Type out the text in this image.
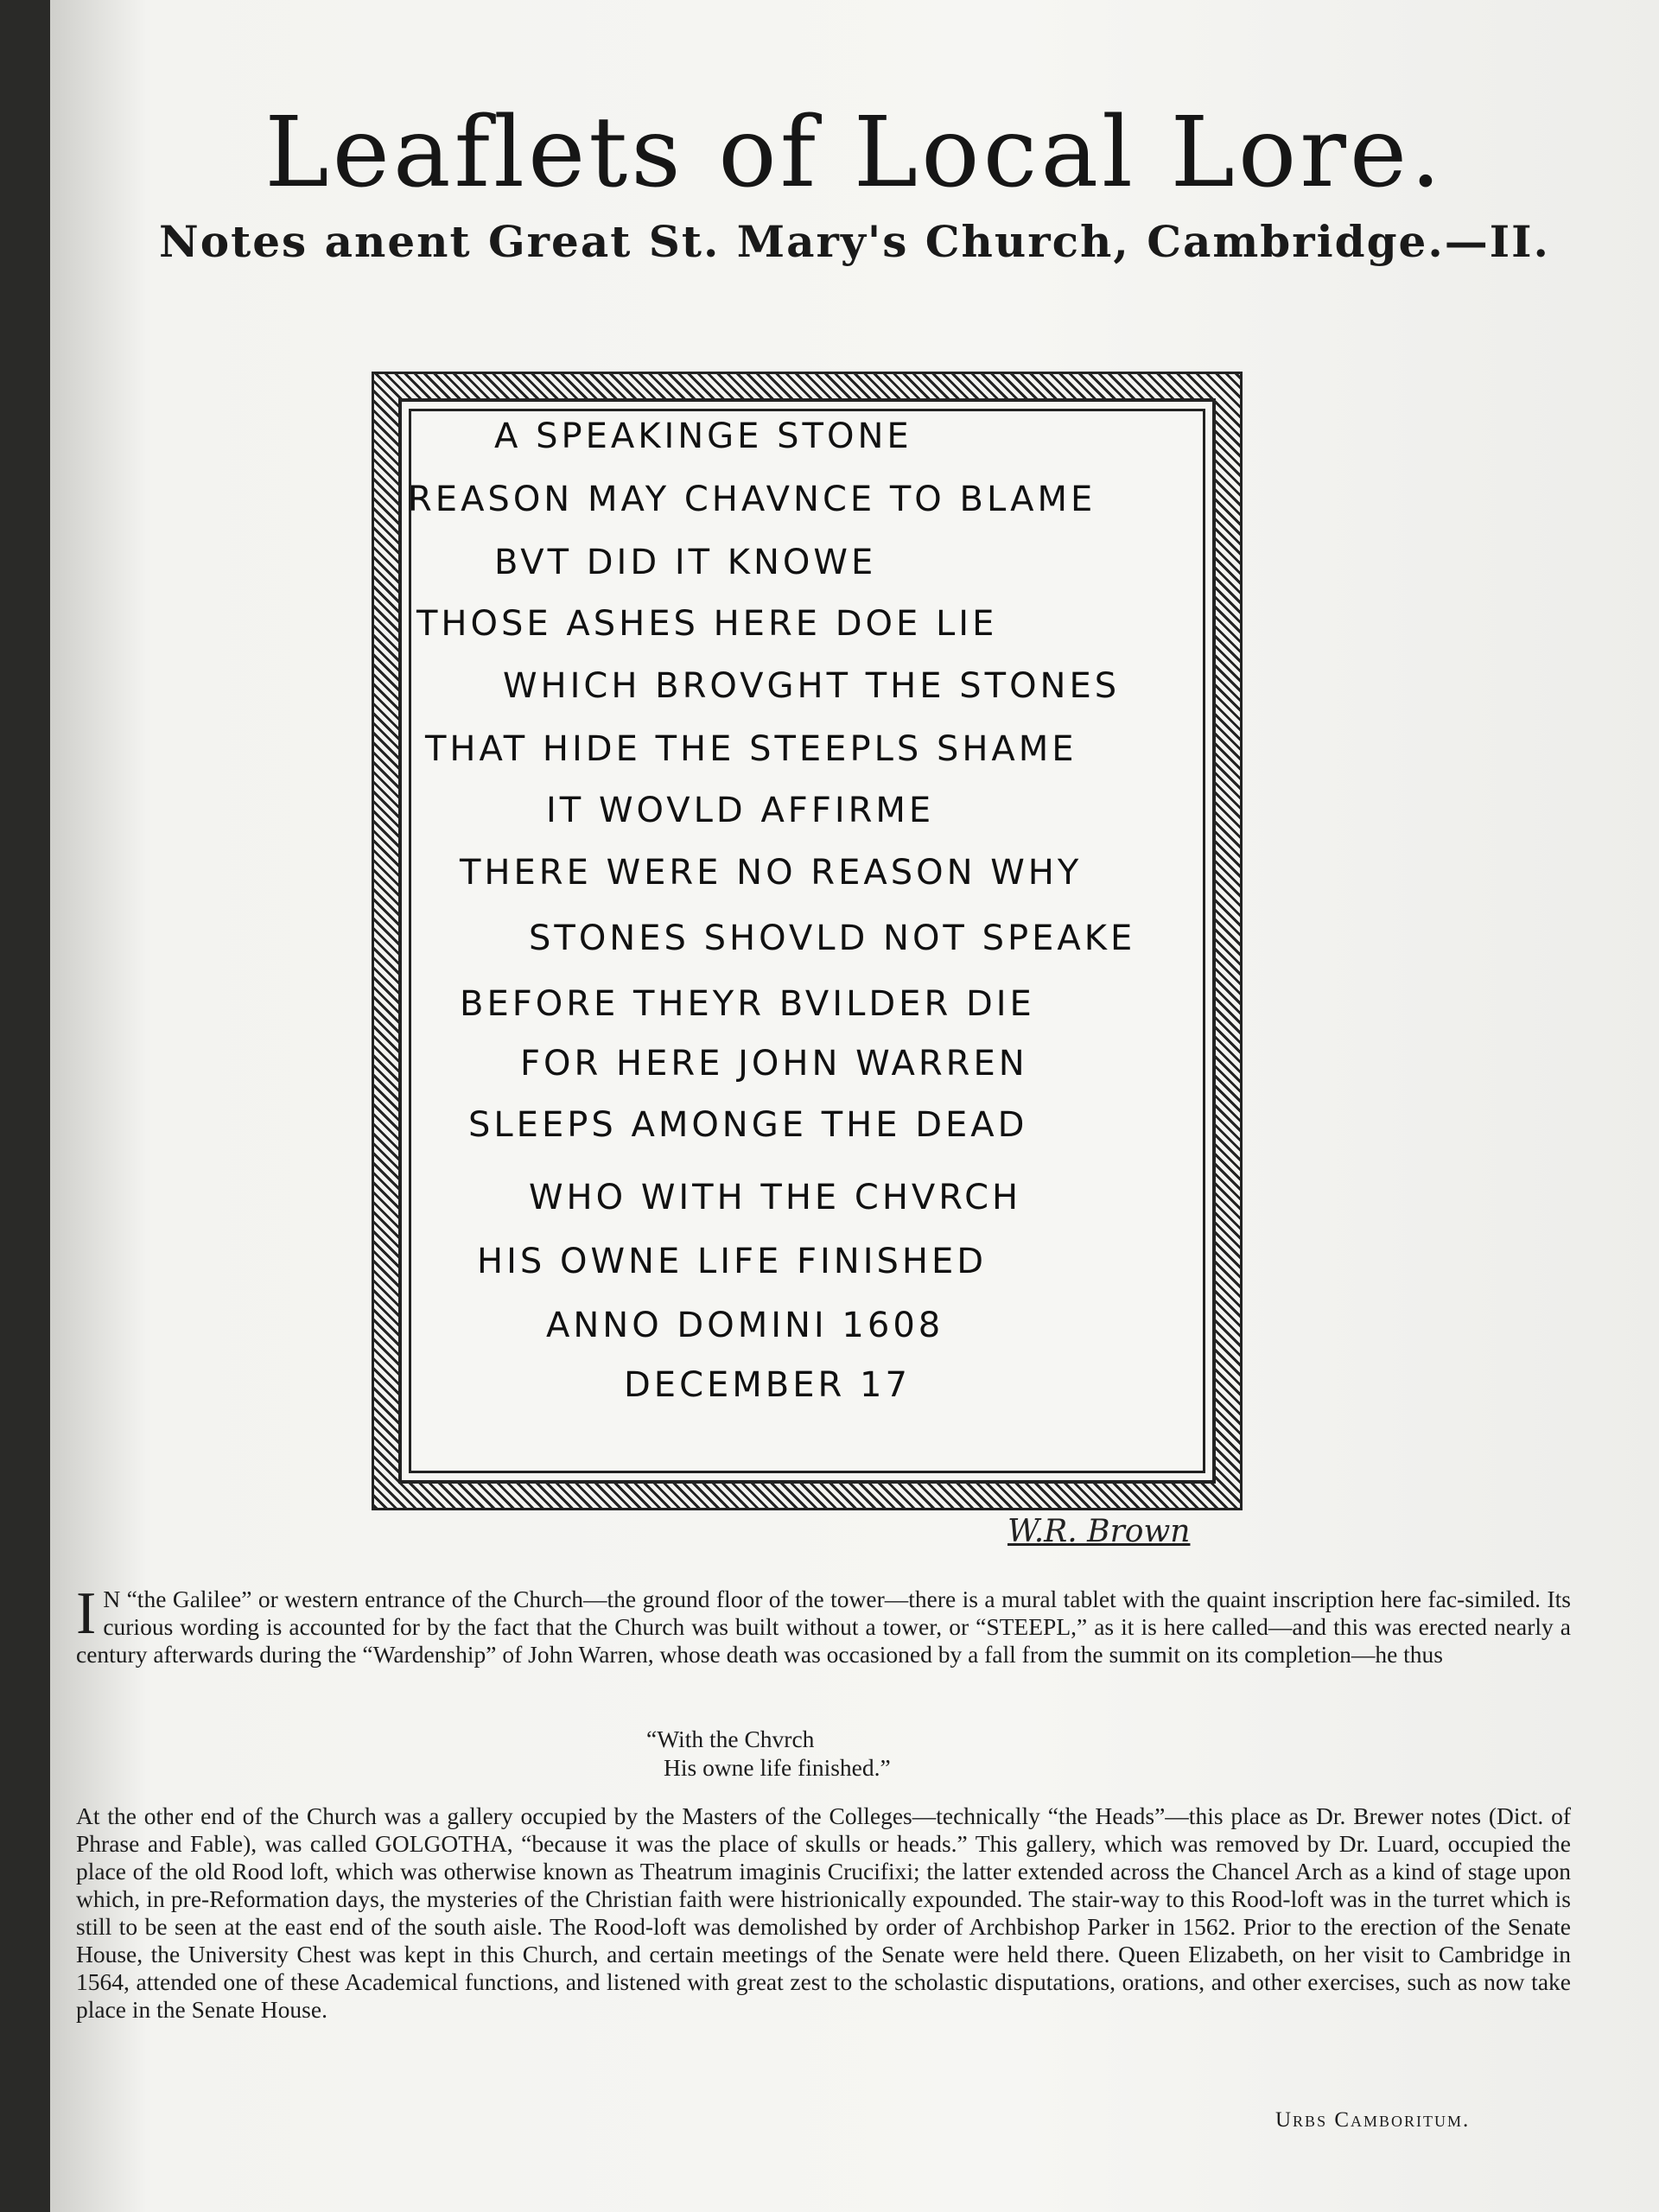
Leaflets of Local Lore.
Notes anent Great St. Mary's Church, Cambridge.—II.
A SPEAKINGE STONE
REASON MAY CHAVNCE TO BLAME
BVT DID IT KNOWE
THOSE ASHES HERE DOE LIE
WHICH BROVGHT THE STONES
THAT HIDE THE STEEPLS SHAME
IT WOVLD AFFIRME
THERE WERE NO REASON WHY
STONES SHOVLD NOT SPEAKE
BEFORE THEYR BVILDER DIE
FOR HERE JOHN WARREN
SLEEPS AMONGE THE DEAD
WHO WITH THE CHVRCH
HIS OWNE LIFE FINISHED
ANNO DOMINI 1608
DECEMBER 17
W.R. Brown
I N “the Galilee” or western entrance of the Church—the ground floor of the tower—there is a mural tablet with the quaint inscription here fac-similed. Its curious wording is accounted for by the fact that the Church was built without a tower, or “STEEPL,” as it is here called—and this was erected nearly a century afterwards during the “Wardenship” of John Warren, whose death was occasioned by a fall from the summit on its completion—he thus
“With the Chvrch
His owne life finished.”
At the other end of the Church was a gallery occupied by the Masters of the Colleges—technically “the Heads”—this place as Dr. Brewer notes (Dict. of Phrase and Fable), was called GOLGOTHA, “because it was the place of skulls or heads.” This gallery, which was removed by Dr. Luard, occupied the place of the old Rood loft, which was otherwise known as Theatrum imaginis Crucifixi; the latter extended across the Chancel Arch as a kind of stage upon which, in pre-Reformation days, the mysteries of the Christian faith were histrionically expounded. The stair-way to this Rood-loft was in the turret which is still to be seen at the east end of the south aisle. The Rood-loft was demolished by order of Archbishop Parker in 1562. Prior to the erection of the Senate House, the University Chest was kept in this Church, and certain meetings of the Senate were held there. Queen Elizabeth, on her visit to Cambridge in 1564, attended one of these Academical functions, and listened with great zest to the scholastic disputations, orations, and other exercises, such as now take place in the Senate House.
Urbs Camboritum.
